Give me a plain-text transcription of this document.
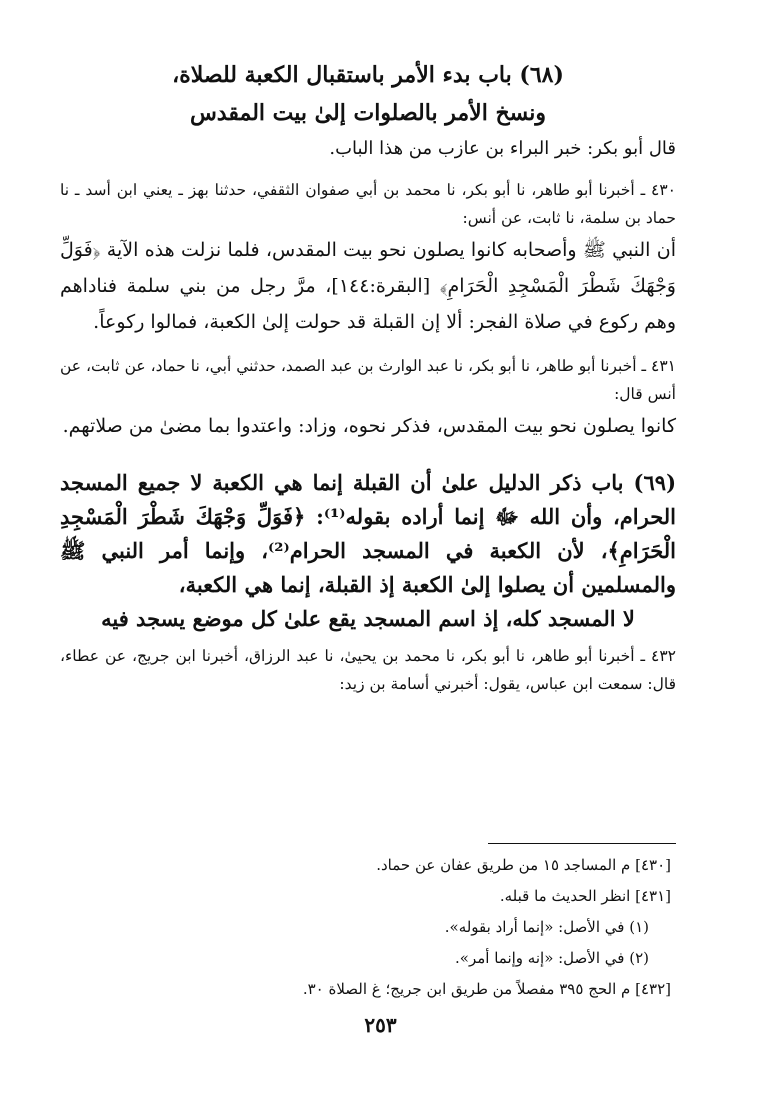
(٦٨) باب بدء الأمر باستقبال الكعبة للصلاة،
ونسخ الأمر بالصلوات إلىٰ بيت المقدس
قال أبو بكر: خبر البراء بن عازب من هذا الباب.
٤٣٠ ـ أخبرنا أبو طاهر، نا أبو بكر، نا محمد بن أبي صفوان الثقفي، حدثنا بهز ـ يعني ابن أسد ـ نا حماد بن سلمة، نا ثابت، عن أنس:
أن النبي ﷺ وأصحابه كانوا يصلون نحو بيت المقدس، فلما نزلت هذه الآية ﴿فَوَلِّ وَجْهَكَ شَطْرَ الْمَسْجِدِ الْحَرَامِ﴾ [البقرة:١٤٤]، مرَّ رجل من بني سلمة فناداهم وهم ركوع في صلاة الفجر: ألا إن القبلة قد حولت إلىٰ الكعبة، فمالوا ركوعاً.
٤٣١ ـ أخبرنا أبو طاهر، نا أبو بكر، نا عبد الوارث بن عبد الصمد، حدثني أبي، نا حماد، عن ثابت، عن أنس قال:
كانوا يصلون نحو بيت المقدس، فذكر نحوه، وزاد: واعتدوا بما مضىٰ من صلاتهم.
(٦٩) باب ذكر الدليل علىٰ أن القبلة إنما هي الكعبة لا جميع المسجد الحرام، وأن الله ﷻ إنما أراده بقوله⁽¹⁾: ﴿فَوَلِّ وَجْهَكَ شَطْرَ الْمَسْجِدِ الْحَرَامِ﴾، لأن الكعبة في المسجد الحرام⁽²⁾، وإنما أمر النبي ﷺ والمسلمين أن يصلوا إلىٰ الكعبة إذ القبلة، إنما هي الكعبة،
لا المسجد كله، إذ اسم المسجد يقع علىٰ كل موضع يسجد فيه
٤٣٢ ـ أخبرنا أبو طاهر، نا أبو بكر، نا محمد بن يحيىٰ، نا عبد الرزاق، أخبرنا ابن جريج، عن عطاء، قال: سمعت ابن عباس، يقول: أخبرني أسامة بن زيد:
[٤٣٠] م المساجد ١٥ من طريق عفان عن حماد.
[٤٣١] انظر الحديث ما قبله.
(١) في الأصل: «إنما أراد بقوله».
(٢) في الأصل: «إنه وإنما أمر».
[٤٣٢] م الحج ٣٩٥ مفصلاً من طريق ابن جريج؛ غ الصلاة ٣٠.
٢٥٣
